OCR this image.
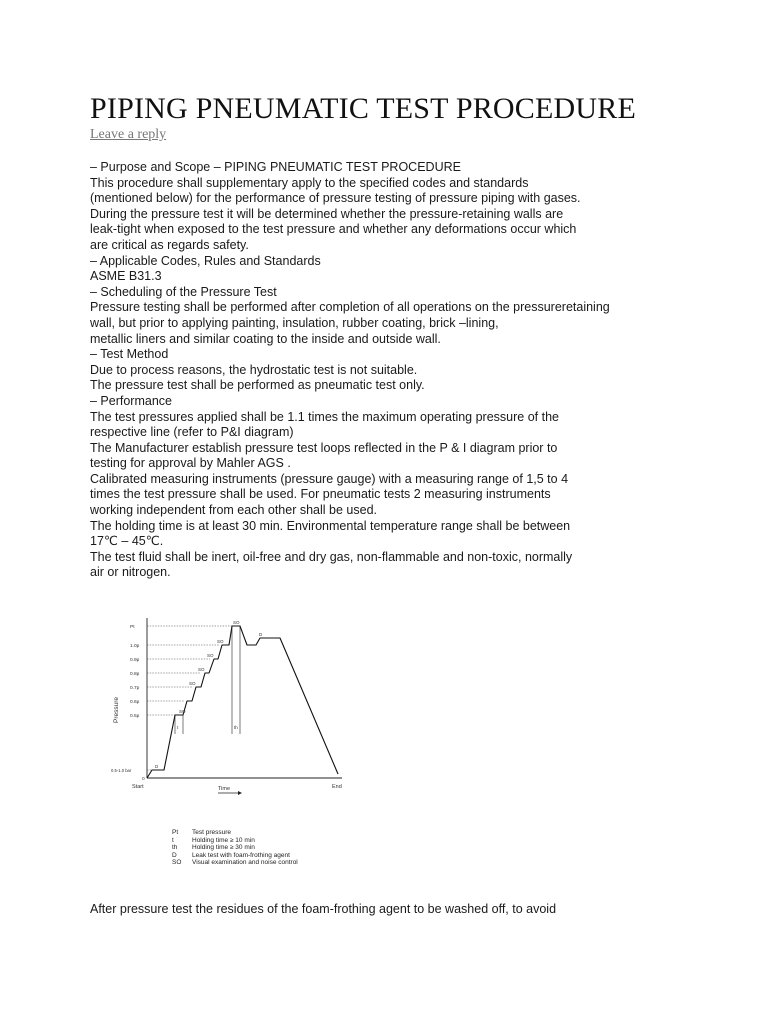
PIPING PNEUMATIC TEST PROCEDURE
Leave a reply
– Purpose and Scope – PIPING PNEUMATIC TEST PROCEDURE
This procedure shall supplementary apply to the specified codes and standards
(mentioned below) for the performance of pressure testing of pressure piping with gases.
During the pressure test it will be determined whether the pressure-retaining walls are
leak-tight when exposed to the test pressure and whether any deformations occur which
are critical as regards safety.
– Applicable Codes, Rules and Standards
ASME B31.3
– Scheduling of the Pressure Test
Pressure testing shall be performed after completion of all operations on the pressureretaining
wall, but prior to applying painting, insulation, rubber coating, brick –lining,
metallic liners and similar coating to the inside and outside wall.
– Test Method
Due to process reasons, the hydrostatic test is not suitable.
The pressure test shall be performed as pneumatic test only.
– Performance
The test pressures applied shall be 1.1 times the maximum operating pressure of the
respective line (refer to P&I diagram)
The Manufacturer establish pressure test loops reflected in the P & I diagram prior to
testing for approval by Mahler AGS .
Calibrated measuring instruments (pressure gauge) with a measuring range of 1,5 to 4
times the test pressure shall be used. For pneumatic tests 2 measuring instruments
working independent from each other shall be used.
The holding time is at least 30 min. Environmental temperature range shall be between
17℃ – 45℃.
The test fluid shall be inert, oil-free and dry gas, non-flammable and non-toxic, normally
air or nitrogen.
Pressure
Pt
1.0p
0.9p
0.8p
0.7p
0.6p
0.5p
0.5-1.0 bar
0
t	th
SO
SO
SO
SO
SO
SO
D
D
Start	Time	End
Pt	Test pressure
t	Holding time ≥ 10 min
th	Holding time ≥ 30 min
D	Leak test with foam-frothing agent
SO	Visual examination and noise control
After pressure test the residues of the foam-frothing agent to be washed off, to avoid
